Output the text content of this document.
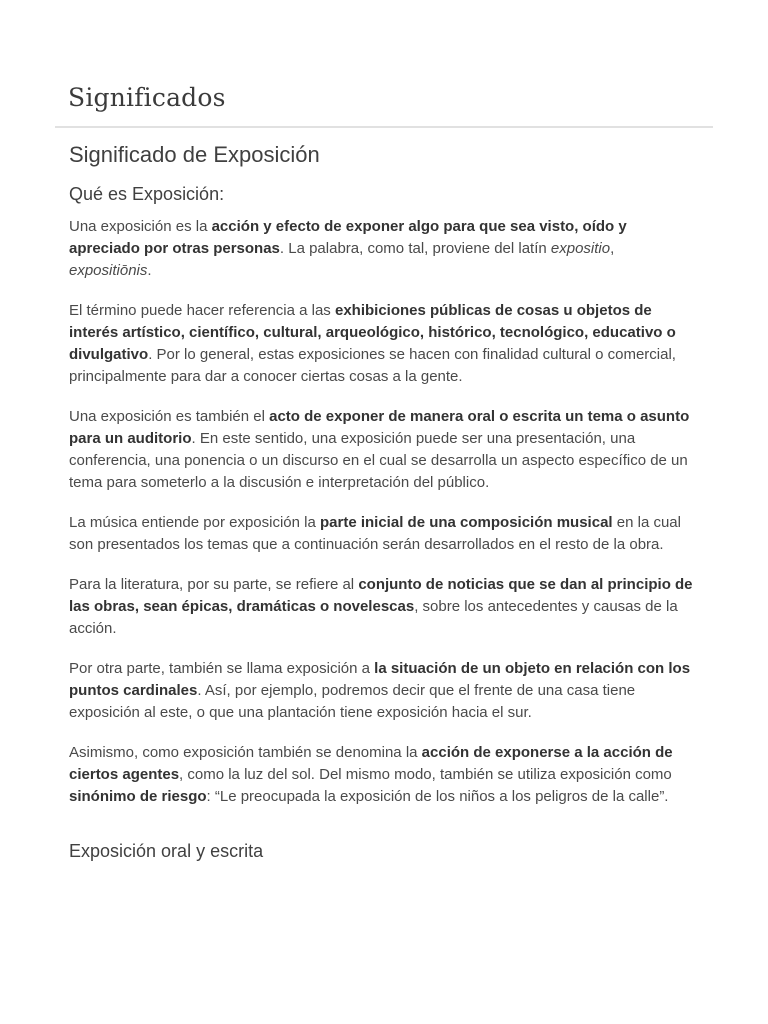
Significados
Significado de Exposición
Qué es Exposición:

Una exposición es la acción y efecto de exponer algo para que sea visto, oído y apreciado por otras personas. La palabra, como tal, proviene del latín expositio, expositiōnis.

El término puede hacer referencia a las exhibiciones públicas de cosas u objetos de interés artístico, científico, cultural, arqueológico, histórico, tecnológico, educativo o divulgativo. Por lo general, estas exposiciones se hacen con finalidad cultural o comercial, principalmente para dar a conocer ciertas cosas a la gente.

Una exposición es también el acto de exponer de manera oral o escrita un tema o asunto para un auditorio. En este sentido, una exposición puede ser una presentación, una conferencia, una ponencia o un discurso en el cual se desarrolla un aspecto específico de un tema para someterlo a la discusión e interpretación del público.

La música entiende por exposición la parte inicial de una composición musical en la cual son presentados los temas que a continuación serán desarrollados en el resto de la obra.

Para la literatura, por su parte, se refiere al conjunto de noticias que se dan al principio de las obras, sean épicas, dramáticas o novelescas, sobre los antecedentes y causas de la acción.

Por otra parte, también se llama exposición a la situación de un objeto en relación con los puntos cardinales. Así, por ejemplo, podremos decir que el frente de una casa tiene exposición al este, o que una plantación tiene exposición hacia el sur.

Asimismo, como exposición también se denomina la acción de exponerse a la acción de ciertos agentes, como la luz del sol. Del mismo modo, también se utiliza exposición como sinónimo de riesgo: “Le preocupada la exposición de los niños a los peligros de la calle”.

Exposición oral y escrita
